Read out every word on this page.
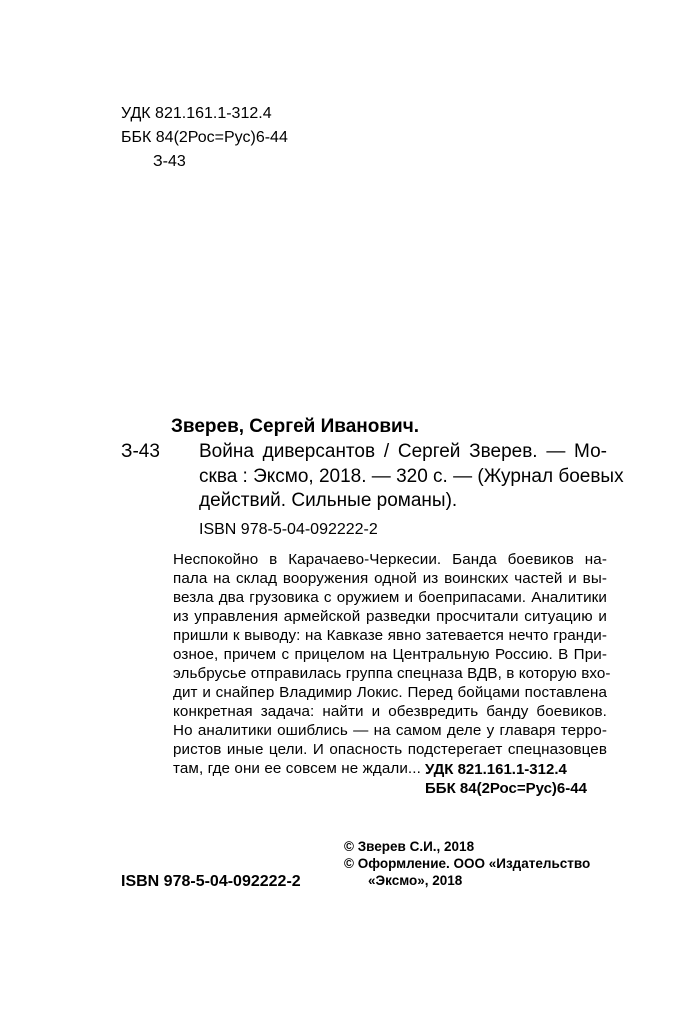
УДК 821.161.1-312.4
ББК 84(2Рос=Рус)6-44
З-43
Зверев, Сергей Иванович.
З-43 Война диверсантов / Сергей Зверев. — Мо-
сква : Эксмо, 2018. — 320 с. — (Журнал боевых
действий. Сильные романы).
ISBN 978-5-04-092222-2
Неспокойно в Карачаево-Черкесии. Банда боевиков на-
пала на склад вооружения одной из воинских частей и вы-
везла два грузовика с оружием и боеприпасами. Аналитики
из управления армейской разведки просчитали ситуацию и
пришли к выводу: на Кавказе явно затевается нечто гранди-
озное, причем с прицелом на Центральную Россию. В При-
эльбрусье отправилась группа спецназа ВДВ, в которую вхо-
дит и снайпер Владимир Локис. Перед бойцами поставлена
конкретная задача: найти и обезвредить банду боевиков.
Но аналитики ошиблись — на самом деле у главаря терро-
ристов иные цели. И опасность подстерегает спецназовцев
там, где они ее совсем не ждали... УДК 821.161.1-312.4
ББК 84(2Рос=Рус)6-44
© Зверев С.И., 2018
© Оформление. ООО «Издательство
«Эксмо», 2018
ISBN 978-5-04-092222-2
